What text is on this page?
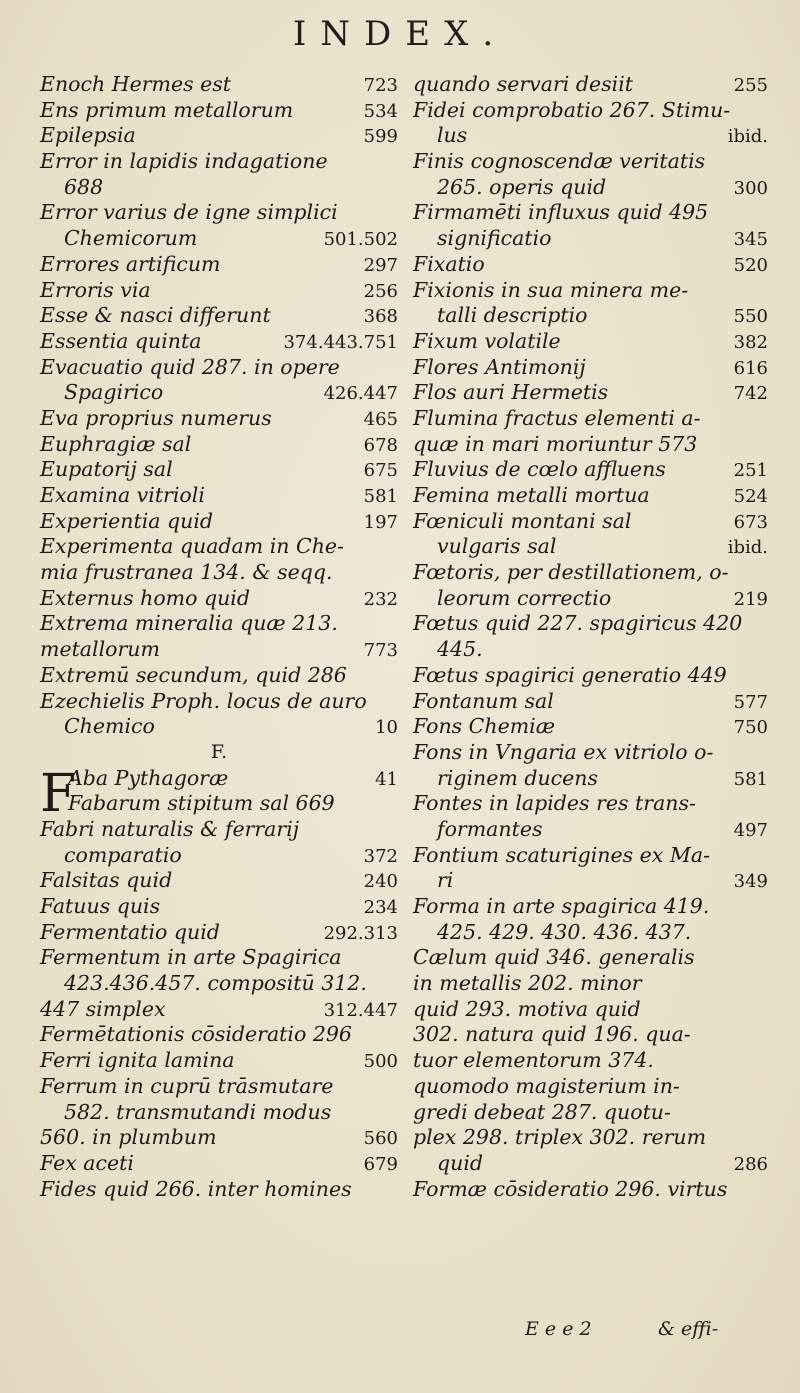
INDEX.
Enoch Hermes est	723
Ens primum metallorum	534
Epilepsia	599
Error in lapidis indagatione
688
Error varius de igne simplici
Chemicorum	501.502
Errores artificum	297
Erroris via	256
Esse & nasci differunt	368
Essentia quinta	374.443.751
Evacuatio quid 287. in opere
Spagirico	426.447
Eva proprius numerus	465
Euphragiæ sal	678
Eupatorij sal	675
Examina vitrioli	581
Experientia quid	197
Experimenta quadam in Che-
mia frustranea 134. & seqq.
Externus homo quid	232
Extrema mineralia quæ 213.
metallorum	773
Extremū secundum, quid 286
Ezechielis Proph. locus de auro
Chemico	10
F.
F
Aba Pythagoræ	41
Fabarum stipitum sal 669
Fabri naturalis & ferrarij
comparatio	372
Falsitas quid	240
Fatuus quis	234
Fermentatio quid	292.313
Fermentum in arte Spagirica
423.436.457. compositū 312.
447 simplex	312.447
Fermētationis cōsideratio 296
Ferri ignita lamina	500
Ferrum in cuprū trāsmutare
582. transmutandi modus
560. in plumbum	560
Fex aceti	679
Fides quid 266. inter homines
quando servari desiit	255
Fidei comprobatio 267. Stimu-
lus	ibid.
Finis cognoscendæ veritatis
265. operis quid	300
Firmamēti influxus quid 495
significatio	345
Fixatio	520
Fixionis in sua minera me-
talli descriptio	550
Fixum volatile	382
Flores Antimonij	616
Flos auri Hermetis	742
Flumina fractus elementi a-
quæ in mari moriuntur 573
Fluvius de cœlo affluens	251
Femina metalli mortua	524
Fœniculi montani sal	673
vulgaris sal	ibid.
Fœtoris, per destillationem, o-
leorum correctio	219
Fœtus quid 227. spagiricus 420
445.
Fœtus spagirici generatio 449
Fontanum sal	577
Fons Chemiæ	750
Fons in Vngaria ex vitriolo o-
riginem ducens	581
Fontes in lapides res trans-
formantes	497
Fontium scaturigines ex Ma-
ri	349
Forma in arte spagirica 419.
425. 429. 430. 436. 437.
Cælum quid 346. generalis
in metallis 202. minor
quid 293. motiva quid
302. natura quid 196. qua-
tuor elementorum 374.
quomodo magisterium in-
gredi debeat 287. quotu-
plex 298. triplex 302. rerum
quid	286
Formæ cōsideratio 296. virtus
E e e 2	& effi-
